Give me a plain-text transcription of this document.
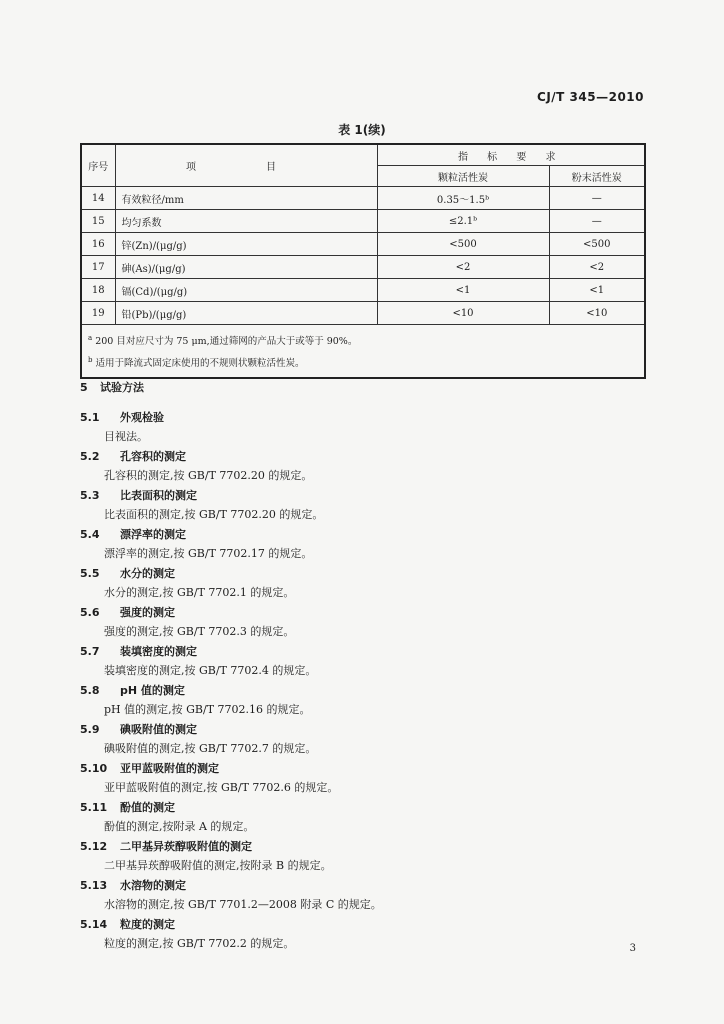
CJ/T 345—2010
表 1(续)
序号	项　目	指 标 要 求	
		颗粒活性炭	粉末活性炭
14	有效粒径/mm	0.35～1.5ᵇ	—
15	均匀系数	≤2.1ᵇ	—
16	锌(Zn)/(μg/g)	<500	<500
17	砷(As)/(μg/g)	<2	<2
18	镉(Cd)/(μg/g)	<1	<1
19	铅(Pb)/(μg/g)	<10	<10

$^a$ 200 目对应尺寸为 75 μm,通过筛网的产品大于或等于 90%。
$^b$ 适用于降流式固定床使用的不规则状颗粒活性炭。			
5 试验方法
5.1 外观检验
目视法。
5.2 孔容积的测定
孔容积的测定,按 GB/T 7702.20 的规定。
5.3 比表面积的测定
比表面积的测定,按 GB/T 7702.20 的规定。
5.4 漂浮率的测定
漂浮率的测定,按 GB/T 7702.17 的规定。
5.5 水分的测定
水分的测定,按 GB/T 7702.1 的规定。
5.6 强度的测定
强度的测定,按 GB/T 7702.3 的规定。
5.7 装填密度的测定
装填密度的测定,按 GB/T 7702.4 的规定。
5.8 pH 值的测定
pH 值的测定,按 GB/T 7702.16 的规定。
5.9 碘吸附值的测定
碘吸附值的测定,按 GB/T 7702.7 的规定。
5.10 亚甲蓝吸附值的测定
亚甲蓝吸附值的测定,按 GB/T 7702.6 的规定。
5.11 酚值的测定
酚值的测定,按附录 A 的规定。
5.12 二甲基异莰醇吸附值的测定
二甲基异莰醇吸附值的测定,按附录 B 的规定。
5.13 水溶物的测定
水溶物的测定,按 GB/T 7701.2—2008 附录 C 的规定。
5.14 粒度的测定
粒度的测定,按 GB/T 7702.2 的规定。	3
